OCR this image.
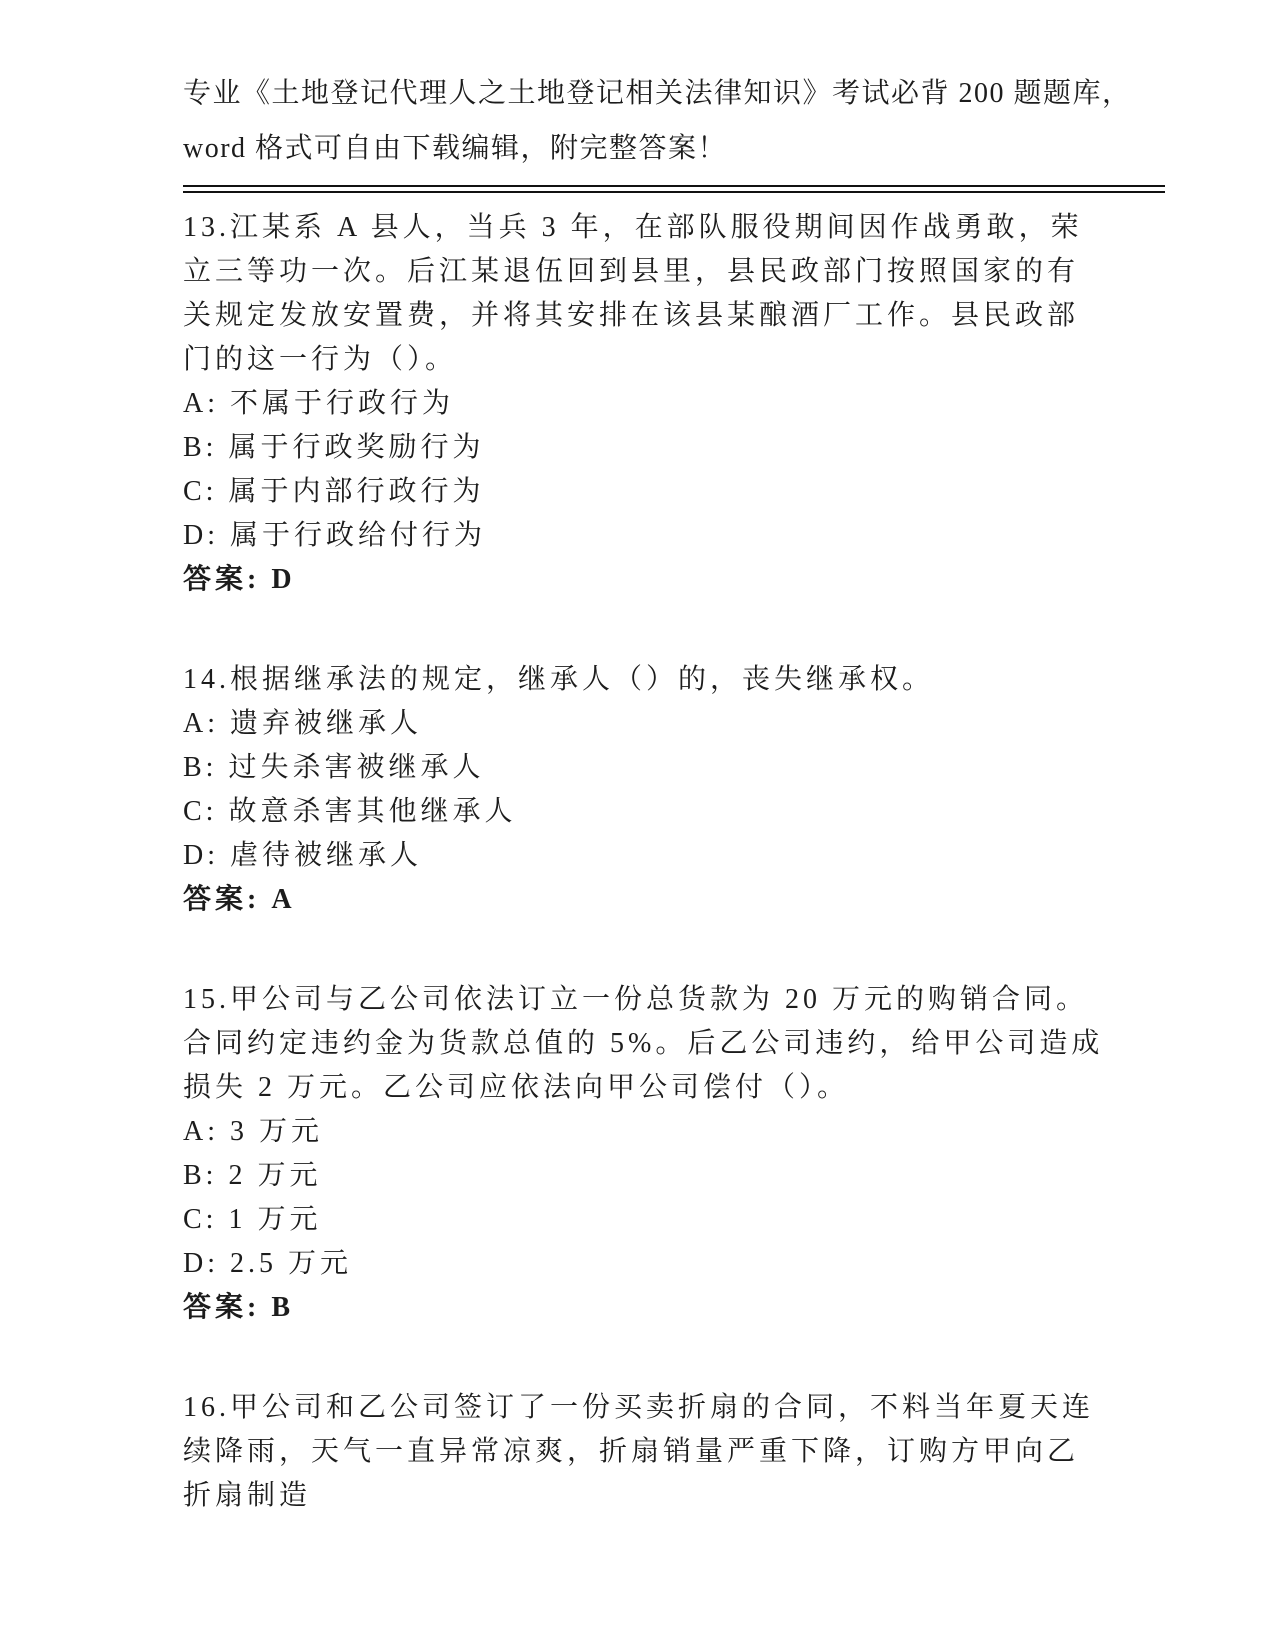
专业《土地登记代理人之土地登记相关法律知识》考试必背 200 题题库，word 格式可自由下载编辑，附完整答案！

13.江某系 A 县人，当兵 3 年，在部队服役期间因作战勇敢，荣立三等功一次。后江某退伍回到县里，县民政部门按照国家的有关规定发放安置费，并将其安排在该县某酿酒厂工作。县民政部门的这一行为（）。

A: 不属于行政行为

B: 属于行政奖励行为

C: 属于内部行政行为

D: 属于行政给付行为

答案: D

14.根据继承法的规定，继承人（）的，丧失继承权。

A: 遗弃被继承人

B: 过失杀害被继承人

C: 故意杀害其他继承人

D: 虐待被继承人

答案: A

15.甲公司与乙公司依法订立一份总货款为 20 万元的购销合同。合同约定违约金为货款总值的 5%。后乙公司违约，给甲公司造成损失 2 万元。乙公司应依法向甲公司偿付（）。

A: 3 万元

B: 2 万元

C: 1 万元

D: 2.5 万元

答案: B

16.甲公司和乙公司签订了一份买卖折扇的合同，不料当年夏天连续降雨，天气一直异常凉爽，折扇销量严重下降，订购方甲向乙折扇制造
